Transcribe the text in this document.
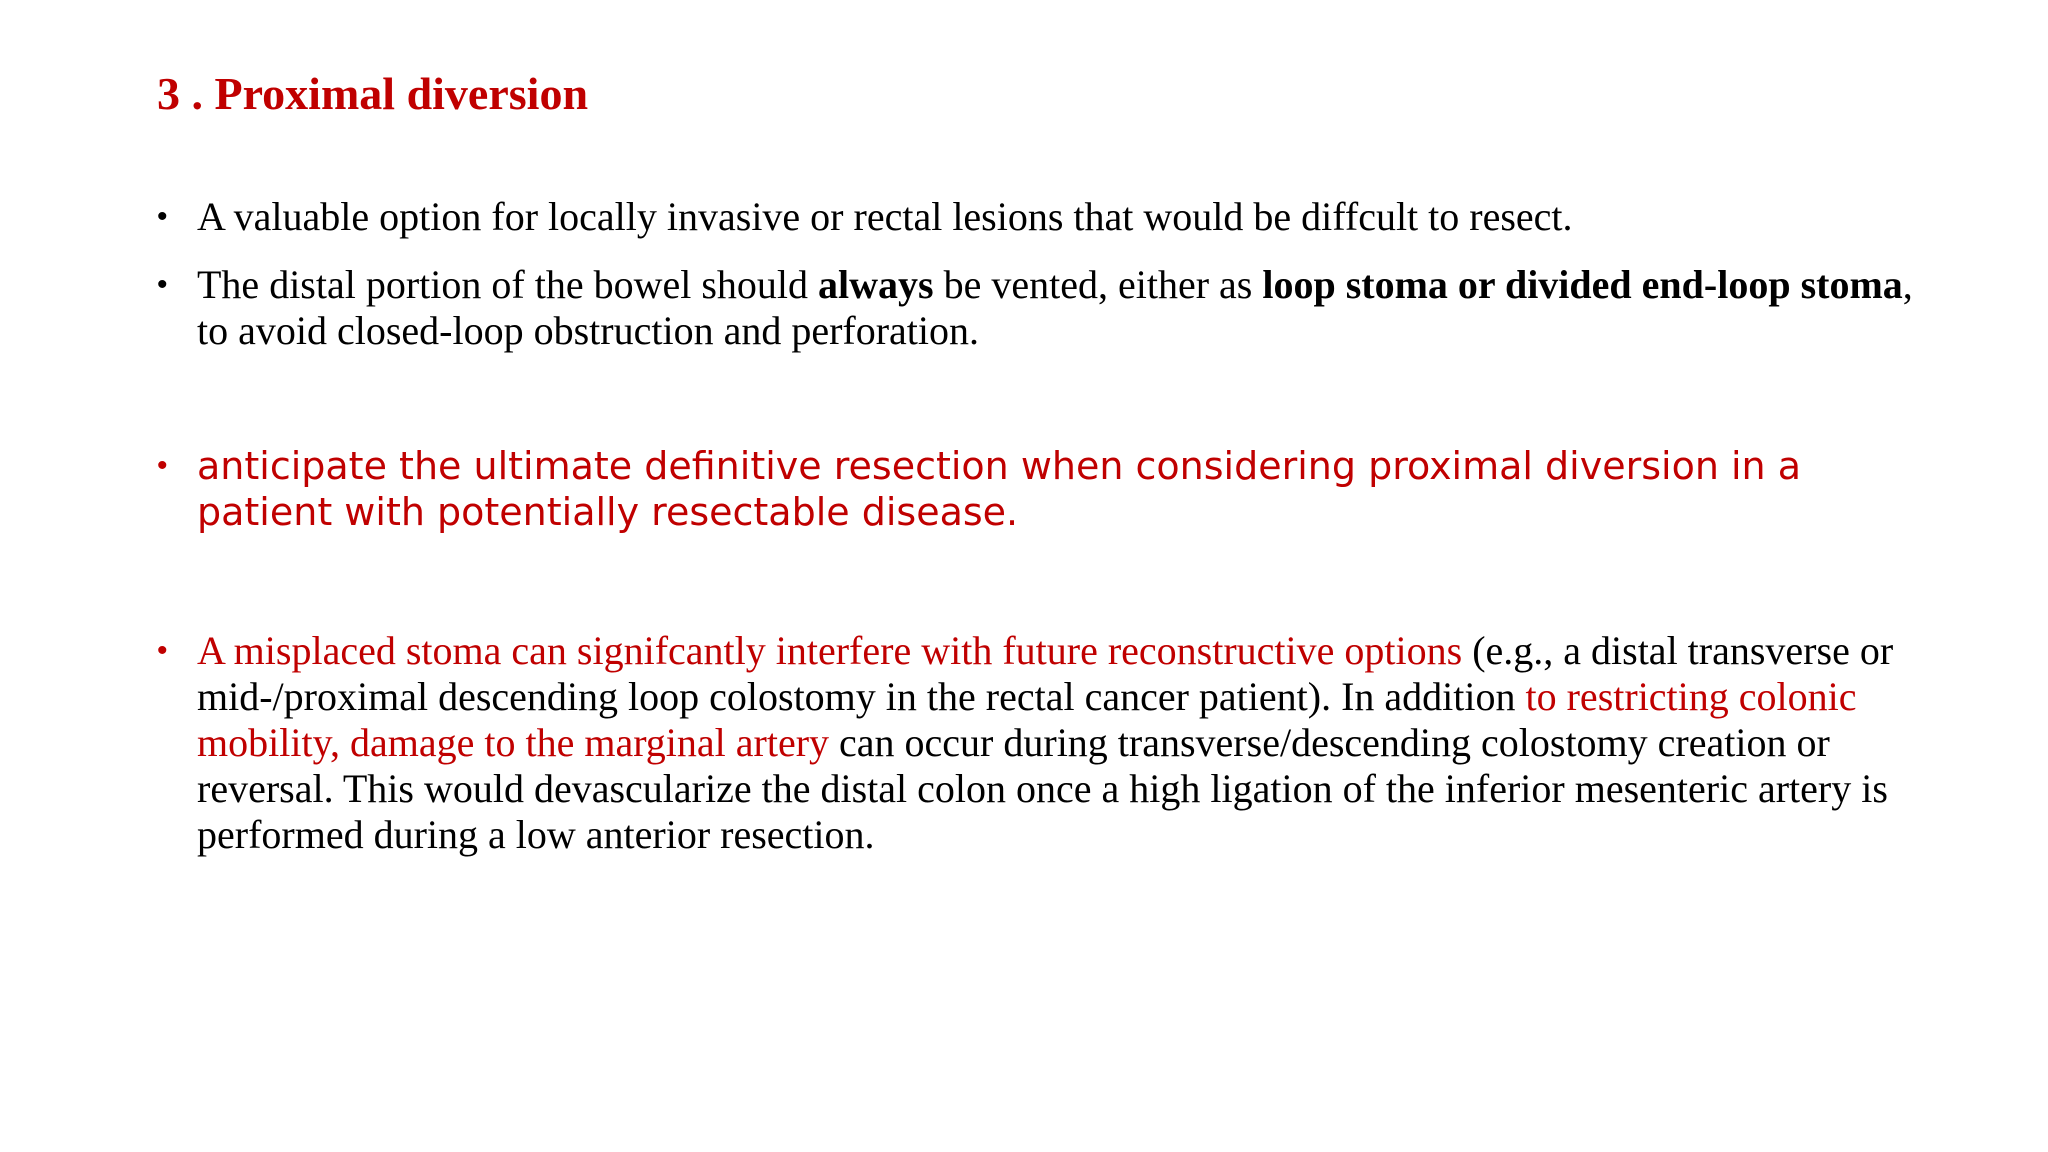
3 . Proximal diversion
• A valuable option for locally invasive or rectal lesions that would be diffcult to resect.
• The distal portion of the bowel should always be vented, either as loop stoma or divided end-loop stoma, to avoid closed-loop obstruction and perforation.
• anticipate the ultimate definitive resection when considering proximal diversion in a patient with potentially resectable disease.
• A misplaced stoma can signifcantly interfere with future reconstructive options (e.g., a distal transverse or mid-/proximal descending loop colostomy in the rectal cancer patient). In addition to restricting colonic mobility, damage to the marginal artery can occur during transverse/descending colostomy creation or reversal. This would devascularize the distal colon once a high ligation of the inferior mesenteric artery is performed during a low anterior resection.
